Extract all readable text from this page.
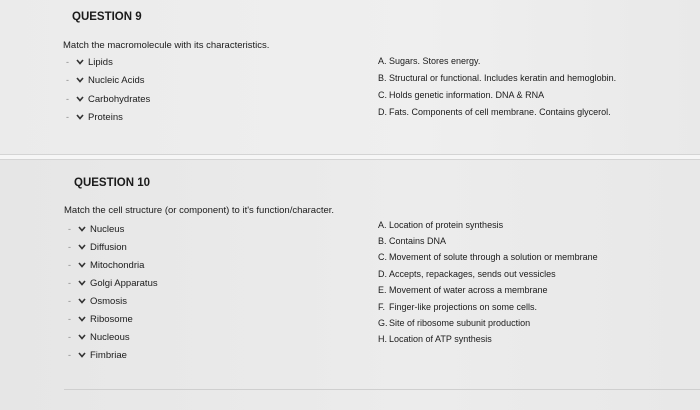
QUESTION 9
Match the macromolecule with its characteristics.
QUESTION 10
Match the cell structure (or component) to it's function/character.
-	Lipids
-	Nucleic Acids
-	Carbohydrates
-	Proteins
A. Sugars. Stores energy.
B. Structural or functional. Includes keratin and hemoglobin.
C. Holds genetic information. DNA & RNA
D. Fats. Components of cell membrane. Contains glycerol.
-	Nucleus
-	Diffusion
-	Mitochondria
-	Golgi Apparatus
-	Osmosis
-	Ribosome
-	Nucleous
-	Fimbriae
A. Location of protein synthesis
B. Contains DNA
C. Movement of solute through a solution or membrane
D. Accepts, repackages, sends out vessicles
E. Movement of water across a membrane
F. Finger-like projections on some cells.
G. Site of ribosome subunit production
H. Location of ATP synthesis
